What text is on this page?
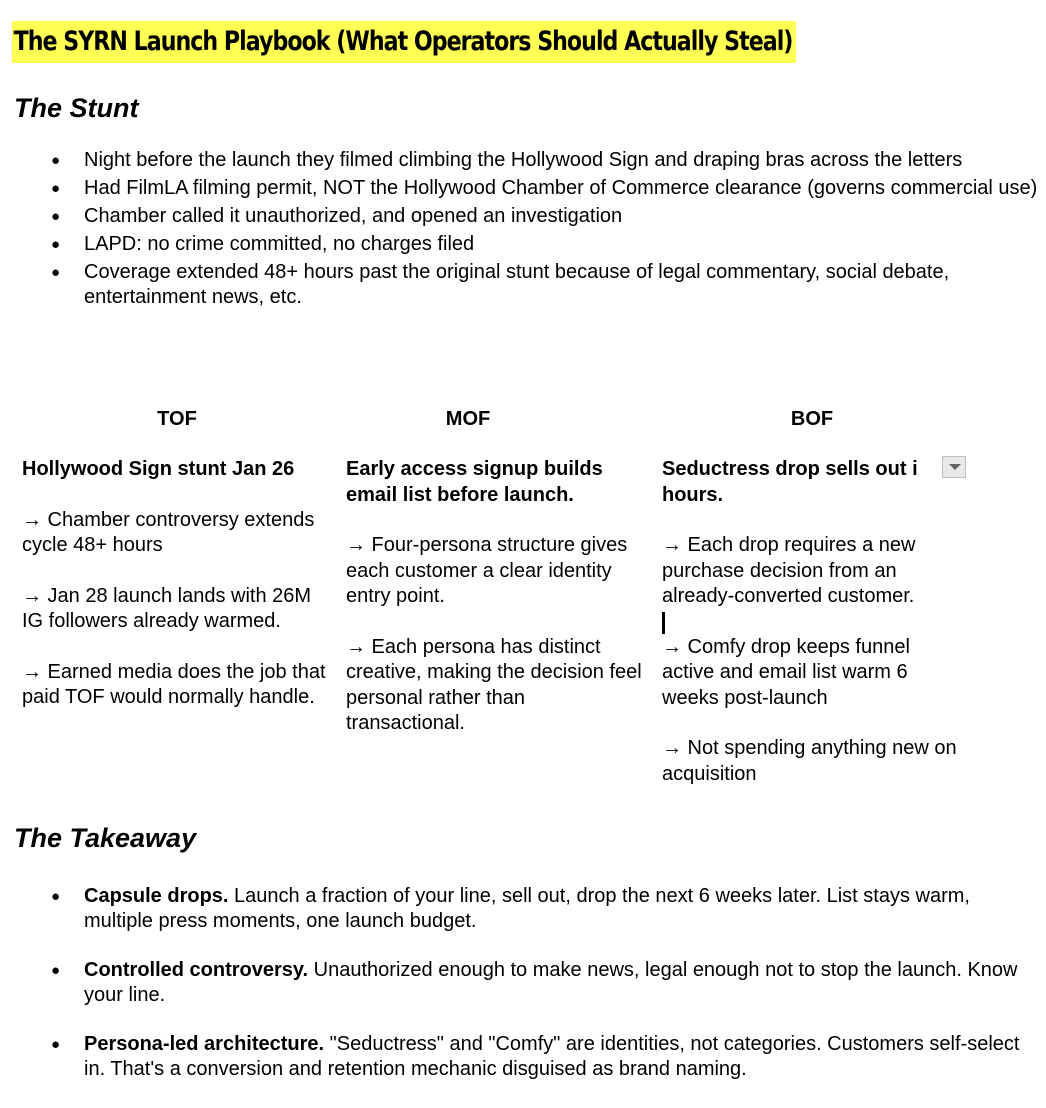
The SYRN Launch Playbook (What Operators Should Actually Steal)
The Stunt
● Night before the launch they filmed climbing the Hollywood Sign and draping bras across the letters
● Had FilmLA filming permit, NOT the Hollywood Chamber of Commerce clearance (governs commercial use)
● Chamber called it unauthorized, and opened an investigation
● LAPD: no crime committed, no charges filed
● Coverage extended 48+ hours past the original stunt because of legal commentary, social debate, entertainment news, etc.
TOF
Hollywood Sign stunt Jan 26
→ Chamber controversy extends cycle 48+ hours
→ Jan 28 launch lands with 26M IG followers already warmed.
→ Earned media does the job that paid TOF would normally handle.
MOF
Early access signup builds email list before launch.
→ Four-persona structure gives each customer a clear identity entry point.
→ Each persona has distinct creative, making the decision feel personal rather than transactional.
BOF
Seductress drop sells out i hours.
→ Each drop requires a new purchase decision from an already-converted customer.
→ Comfy drop keeps funnel active and email list warm 6 weeks post-launch
→ Not spending anything new on acquisition
The Takeaway
● Capsule drops. Launch a fraction of your line, sell out, drop the next 6 weeks later. List stays warm, multiple press moments, one launch budget.
● Controlled controversy. Unauthorized enough to make news, legal enough not to stop the launch. Know your line.
● Persona-led architecture. "Seductress" and "Comfy" are identities, not categories. Customers self-select in. That's a conversion and retention mechanic disguised as brand naming.
